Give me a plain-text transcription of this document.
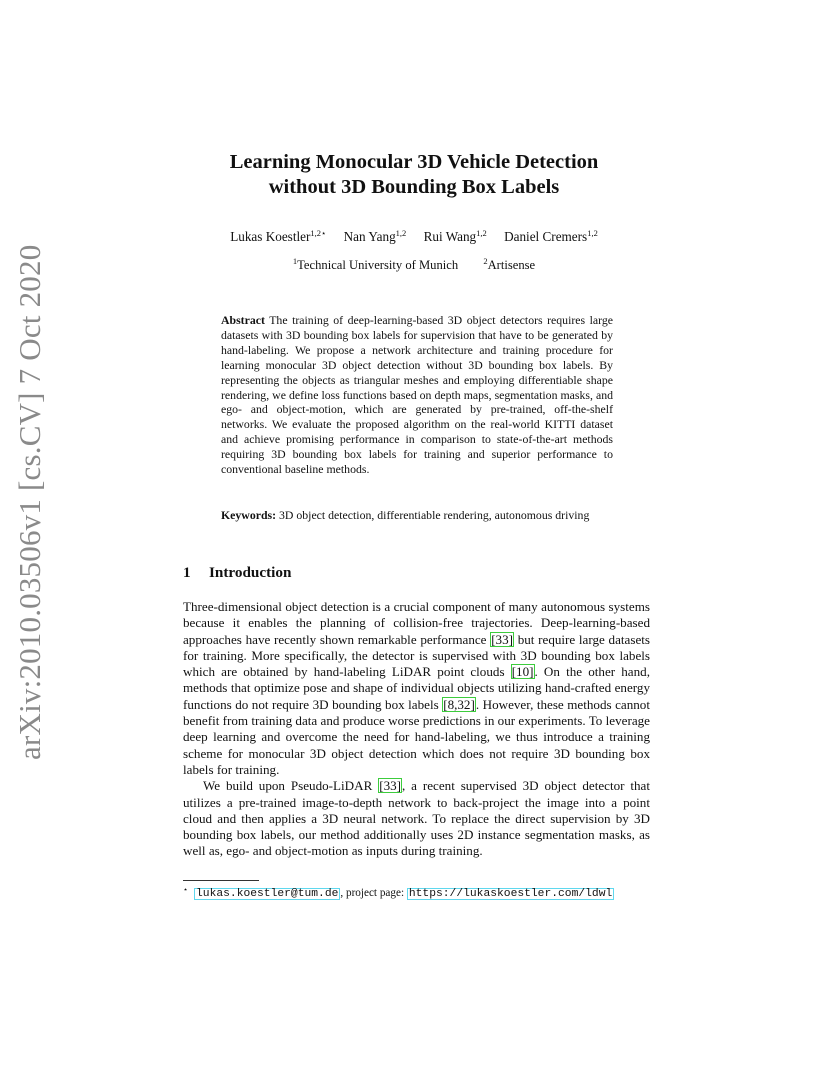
arXiv:2010.03506v1 [cs.CV] 7 Oct 2020
Learning Monocular 3D Vehicle Detection
without 3D Bounding Box Labels
Lukas Koestler$^{1,2⋆}$ Nan Yang$^{1,2}$ Rui Wang$^{1,2}$ Daniel Cremers$^{1,2}$
$^1$Technical University of Munich	$^2$Artisense
Abstract The training of deep-learning-based 3D object detectors requires large datasets with 3D bounding box labels for supervision that have to be generated by hand-labeling. We propose a network architecture and training procedure for learning monocular 3D object detection without 3D bounding box labels. By representing the objects as triangular meshes and employing differentiable shape rendering, we define loss functions based on depth maps, segmentation masks, and ego- and object-motion, which are generated by pre-trained, off-the-shelf networks. We evaluate the proposed algorithm on the real-world KITTI dataset and achieve promising performance in comparison to state-of-the-art methods requiring 3D bounding box labels for training and superior performance to conventional baseline methods.
Keywords: 3D object detection, differentiable rendering, autonomous driving
1 Introduction

Three-dimensional object detection is a crucial component of many autonomous systems because it enables the planning of collision-free trajectories. Deep-learning-based approaches have recently shown remarkable performance [33] but require large datasets for training. More specifically, the detector is supervised with 3D bounding box labels which are obtained by hand-labeling LiDAR point clouds [10]. On the other hand, methods that optimize pose and shape of individual objects utilizing hand-crafted energy functions do not require 3D bounding box labels [8,32]. However, these methods cannot benefit from training data and produce worse predictions in our experiments. To leverage deep learning and overcome the need for hand-labeling, we thus introduce a training scheme for monocular 3D object detection which does not require 3D bounding box labels for training.

We build upon Pseudo-LiDAR [33], a recent supervised 3D object detector that utilizes a pre-trained image-to-depth network to back-project the image into a point cloud and then applies a 3D neural network. To replace the direct supervision by 3D bounding box labels, our method additionally uses 2D instance segmentation masks, as well as, ego- and object-motion as inputs during training.

⋆ lukas.koestler@tum.de , project page: https://lukaskoestler.com/ldwl
